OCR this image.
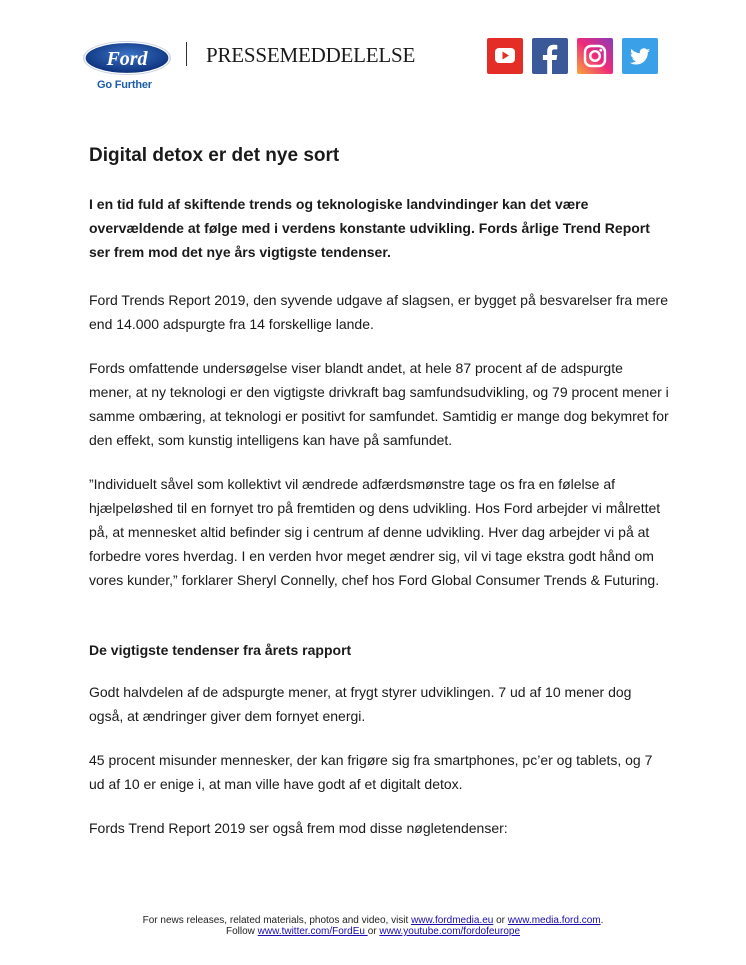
Ford
Go Further
PRESSEMEDDELELSE
Digital detox er det nye sort

I en tid fuld af skiftende trends og teknologiske landvindinger kan det være overvældende at følge med i verdens konstante udvikling. Fords årlige Trend Report ser frem mod det nye års vigtigste tendenser.

Ford Trends Report 2019, den syvende udgave af slagsen, er bygget på besvarelser fra mere end 14.000 adspurgte fra 14 forskellige lande.

Fords omfattende undersøgelse viser blandt andet, at hele 87 procent af de adspurgte mener, at ny teknologi er den vigtigste drivkraft bag samfundsudvikling, og 79 procent mener i samme ombæring, at teknologi er positivt for samfundet. Samtidig er mange dog bekymret for den effekt, som kunstig intelligens kan have på samfundet.

”Individuelt såvel som kollektivt vil ændrede adfærdsmønstre tage os fra en følelse af hjælpeløshed til en fornyet tro på fremtiden og dens udvikling. Hos Ford arbejder vi målrettet på, at mennesket altid befinder sig i centrum af denne udvikling. Hver dag arbejder vi på at forbedre vores hverdag. I en verden hvor meget ændrer sig, vil vi tage ekstra godt hånd om vores kunder,” forklarer Sheryl Connelly, chef hos Ford Global Consumer Trends & Futuring.

De vigtigste tendenser fra årets rapport

Godt halvdelen af de adspurgte mener, at frygt styrer udviklingen. 7 ud af 10 mener dog også, at ændringer giver dem fornyet energi.

45 procent misunder mennesker, der kan frigøre sig fra smartphones, pc’er og tablets, og 7 ud af 10 er enige i, at man ville have godt af et digitalt detox.

Fords Trend Report 2019 ser også frem mod disse nøgletendenser:

For news releases, related materials, photos and video, visit www.fordmedia.eu or www.media.ford.com.
Follow www.twitter.com/FordEu or www.youtube.com/fordofeurope
